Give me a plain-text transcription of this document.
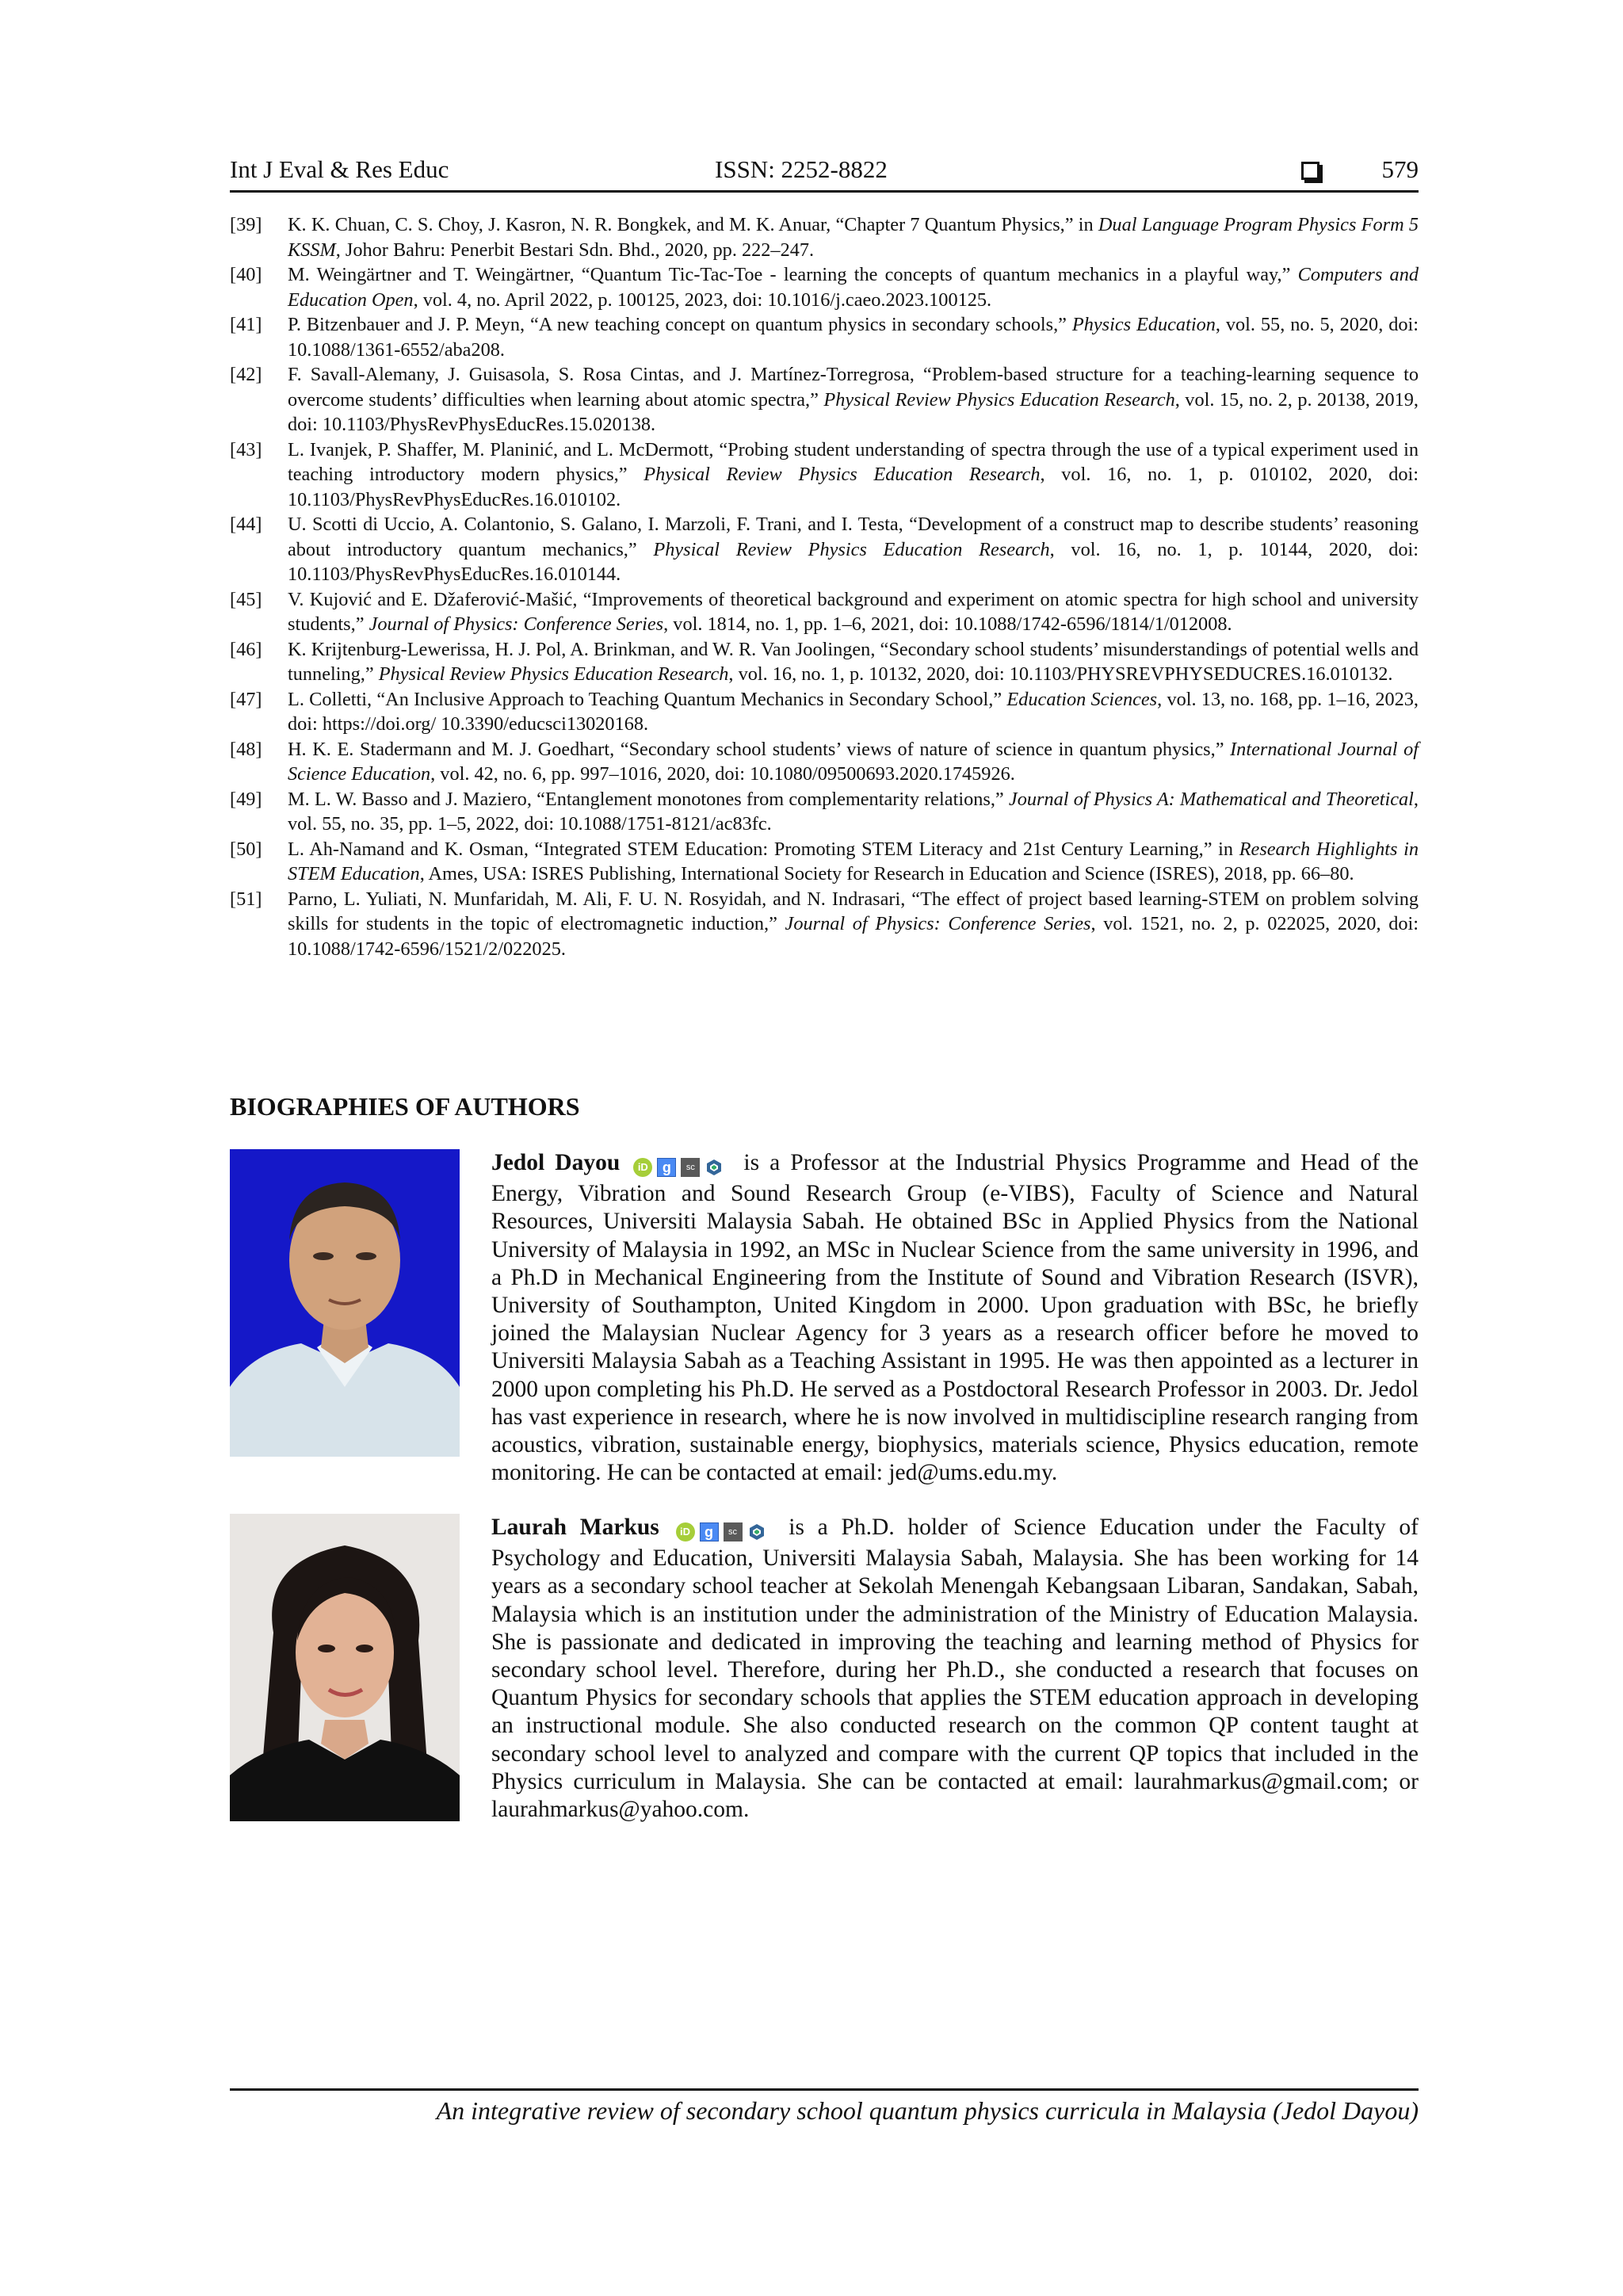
Int J Eval & Res Educ	ISSN: 2252-8822	579
[39] K. K. Chuan, C. S. Choy, J. Kasron, N. R. Bongkek, and M. K. Anuar, “Chapter 7 Quantum Physics,” in Dual Language Program Physics Form 5 KSSM, Johor Bahru: Penerbit Bestari Sdn. Bhd., 2020, pp. 222–247.
[40] M. Weingärtner and T. Weingärtner, “Quantum Tic-Tac-Toe - learning the concepts of quantum mechanics in a playful way,” Computers and Education Open, vol. 4, no. April 2022, p. 100125, 2023, doi: 10.1016/j.caeo.2023.100125.
[41] P. Bitzenbauer and J. P. Meyn, “A new teaching concept on quantum physics in secondary schools,” Physics Education, vol. 55, no. 5, 2020, doi: 10.1088/1361-6552/aba208.
[42] F. Savall-Alemany, J. Guisasola, S. Rosa Cintas, and J. Martínez-Torregrosa, “Problem-based structure for a teaching-learning sequence to overcome students’ difficulties when learning about atomic spectra,” Physical Review Physics Education Research, vol. 15, no. 2, p. 20138, 2019, doi: 10.1103/PhysRevPhysEducRes.15.020138.
[43] L. Ivanjek, P. Shaffer, M. Planinić, and L. McDermott, “Probing student understanding of spectra through the use of a typical experiment used in teaching introductory modern physics,” Physical Review Physics Education Research, vol. 16, no. 1, p. 010102, 2020, doi: 10.1103/PhysRevPhysEducRes.16.010102.
[44] U. Scotti di Uccio, A. Colantonio, S. Galano, I. Marzoli, F. Trani, and I. Testa, “Development of a construct map to describe students’ reasoning about introductory quantum mechanics,” Physical Review Physics Education Research, vol. 16, no. 1, p. 10144, 2020, doi: 10.1103/PhysRevPhysEducRes.16.010144.
[45] V. Kujović and E. Džaferović-Mašić, “Improvements of theoretical background and experiment on atomic spectra for high school and university students,” Journal of Physics: Conference Series, vol. 1814, no. 1, pp. 1–6, 2021, doi: 10.1088/1742-6596/1814/1/012008.
[46] K. Krijtenburg-Lewerissa, H. J. Pol, A. Brinkman, and W. R. Van Joolingen, “Secondary school students’ misunderstandings of potential wells and tunneling,” Physical Review Physics Education Research, vol. 16, no. 1, p. 10132, 2020, doi: 10.1103/PHYSREVPHYSEDUCRES.16.010132.
[47] L. Colletti, “An Inclusive Approach to Teaching Quantum Mechanics in Secondary School,” Education Sciences, vol. 13, no. 168, pp. 1–16, 2023, doi: https://doi.org/ 10.3390/educsci13020168.
[48] H. K. E. Stadermann and M. J. Goedhart, “Secondary school students’ views of nature of science in quantum physics,” International Journal of Science Education, vol. 42, no. 6, pp. 997–1016, 2020, doi: 10.1080/09500693.2020.1745926.
[49] M. L. W. Basso and J. Maziero, “Entanglement monotones from complementarity relations,” Journal of Physics A: Mathematical and Theoretical, vol. 55, no. 35, pp. 1–5, 2022, doi: 10.1088/1751-8121/ac83fc.
[50] L. Ah-Namand and K. Osman, “Integrated STEM Education: Promoting STEM Literacy and 21st Century Learning,” in Research Highlights in STEM Education, Ames, USA: ISRES Publishing, International Society for Research in Education and Science (ISRES), 2018, pp. 66–80.
[51] Parno, L. Yuliati, N. Munfaridah, M. Ali, F. U. N. Rosyidah, and N. Indrasari, “The effect of project based learning-STEM on problem solving skills for students in the topic of electromagnetic induction,” Journal of Physics: Conference Series, vol. 1521, no. 2, p. 022025, 2020, doi: 10.1088/1742-6596/1521/2/022025.
BIOGRAPHIES OF AUTHORS
Jedol Dayou iD g sc is a Professor at the Industrial Physics Programme and Head of the Energy, Vibration and Sound Research Group (e-VIBS), Faculty of Science and Natural Resources, Universiti Malaysia Sabah. He obtained BSc in Applied Physics from the National University of Malaysia in 1992, an MSc in Nuclear Science from the same university in 1996, and a Ph.D in Mechanical Engineering from the Institute of Sound and Vibration Research (ISVR), University of Southampton, United Kingdom in 2000. Upon graduation with BSc, he briefly joined the Malaysian Nuclear Agency for 3 years as a research officer before he moved to Universiti Malaysia Sabah as a Teaching Assistant in 1995. He was then appointed as a lecturer in 2000 upon completing his Ph.D. He served as a Postdoctoral Research Professor in 2003. Dr. Jedol has vast experience in research, where he is now involved in multidiscipline research ranging from acoustics, vibration, sustainable energy, biophysics, materials science, Physics education, remote monitoring. He can be contacted at email: jed@ums.edu.my.
Laurah Markus iD g sc is a Ph.D. holder of Science Education under the Faculty of Psychology and Education, Universiti Malaysia Sabah, Malaysia. She has been working for 14 years as a secondary school teacher at Sekolah Menengah Kebangsaan Libaran, Sandakan, Sabah, Malaysia which is an institution under the administration of the Ministry of Education Malaysia. She is passionate and dedicated in improving the teaching and learning method of Physics for secondary school level. Therefore, during her Ph.D., she conducted a research that focuses on Quantum Physics for secondary schools that applies the STEM education approach in developing an instructional module. She also conducted research on the common QP content taught at secondary school level to analyzed and compare with the current QP topics that included in the Physics curriculum in Malaysia. She can be contacted at email: laurahmarkus@gmail.com; or laurahmarkus@yahoo.com.
An integrative review of secondary school quantum physics curricula in Malaysia (Jedol Dayou)
